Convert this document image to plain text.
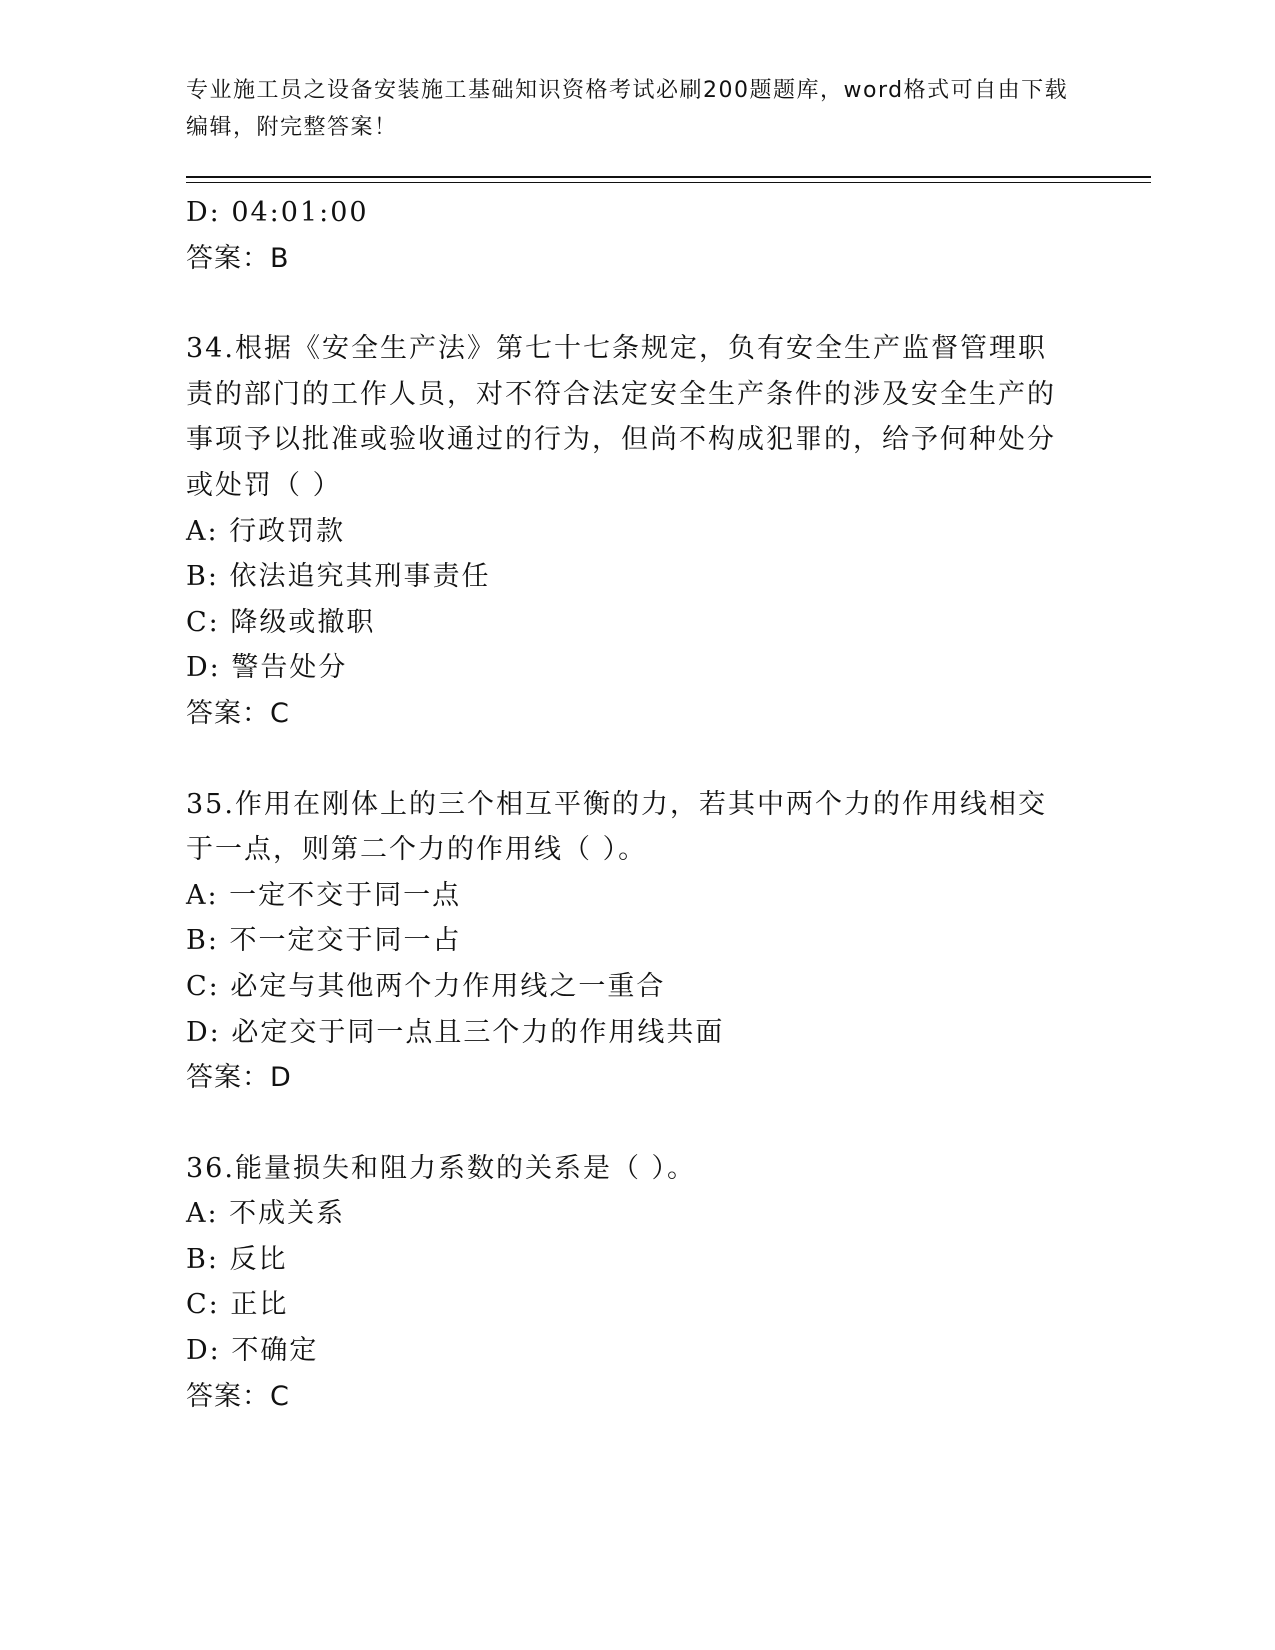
专业施工员之设备安装施工基础知识资格考试必刷200题题库，word格式可自由下载编辑，附完整答案！
D: 04:01:00
答案：B
34.根据《安全生产法》第七十七条规定，负有安全生产监督管理职责的部门的工作人员，对不符合法定安全生产条件的涉及安全生产的事项予以批准或验收通过的行为，但尚不构成犯罪的，给予何种处分或处罚（ ）
A: 行政罚款
B: 依法追究其刑事责任
C: 降级或撤职
D: 警告处分
答案：C
35.作用在刚体上的三个相互平衡的力，若其中两个力的作用线相交于一点，则第二个力的作用线（ ）。
A: 一定不交于同一点
B: 不一定交于同一占
C: 必定与其他两个力作用线之一重合
D: 必定交于同一点且三个力的作用线共面
答案：D
36.能量损失和阻力系数的关系是（ ）。
A: 不成关系
B: 反比
C: 正比
D: 不确定
答案：C
